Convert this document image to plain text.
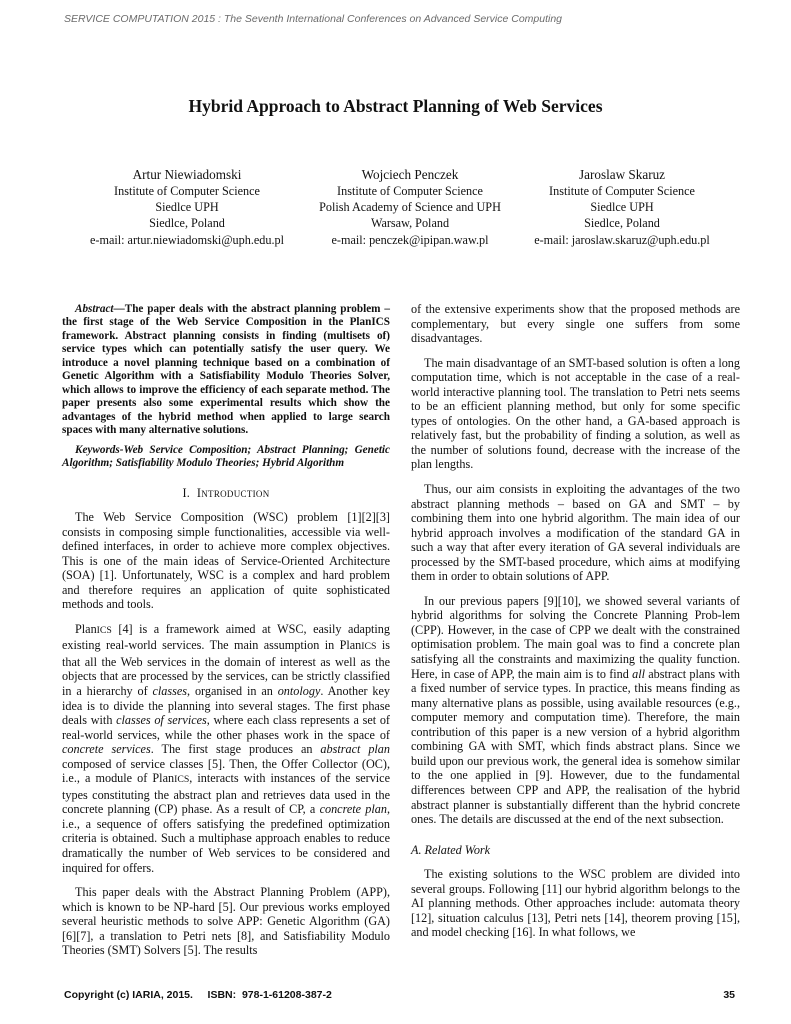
SERVICE COMPUTATION 2015 : The Seventh International Conferences on Advanced Service Computing
Hybrid Approach to Abstract Planning of Web Services
Artur Niewiadomski
Institute of Computer Science
Siedlce UPH
Siedlce, Poland
e-mail: artur.niewiadomski@uph.edu.pl
Wojciech Penczek
Institute of Computer Science
Polish Academy of Science and UPH
Warsaw, Poland
e-mail: penczek@ipipan.waw.pl
Jaroslaw Skaruz
Institute of Computer Science
Siedlce UPH
Siedlce, Poland
e-mail: jaroslaw.skaruz@uph.edu.pl

Abstract—The paper deals with the abstract planning problem – the first stage of the Web Service Composition in the PlanICS framework. Abstract planning consists in finding (multisets of) service types which can potentially satisfy the user query. We introduce a novel planning technique based on a combination of Genetic Algorithm with a Satisfiability Modulo Theories Solver, which allows to improve the efficiency of each separate method. The paper presents also some experimental results which show the advantages of the hybrid method when applied to large search spaces with many alternative solutions.

Keywords-Web Service Composition; Abstract Planning; Genetic Algorithm; Satisfiability Modulo Theories; Hybrid Algorithm

I. Introduction

The Web Service Composition (WSC) problem [1][2][3] consists in composing simple functionalities, accessible via well-defined interfaces, in order to achieve more complex objectives. This is one of the main ideas of Service-Oriented Architecture (SOA) [1]. Unfortunately, WSC is a complex and hard problem and therefore requires an application of quite sophisticated methods and tools.

PlanICS [4] is a framework aimed at WSC, easily adapting existing real-world services. The main assumption in PlanICS is that all the Web services in the domain of interest as well as the objects that are processed by the services, can be strictly classified in a hierarchy of classes, organised in an ontology. Another key idea is to divide the planning into several stages. The first phase deals with classes of services, where each class represents a set of real-world services, while the other phases work in the space of concrete services. The first stage produces an abstract plan composed of service classes [5]. Then, the Offer Collector (OC), i.e., a module of PlanICS, interacts with instances of the service types constituting the abstract plan and retrieves data used in the concrete planning (CP) phase. As a result of CP, a concrete plan, i.e., a sequence of offers satisfying the predefined optimization criteria is obtained. Such a multiphase approach enables to reduce dramatically the number of Web services to be considered and inquired for offers.

This paper deals with the Abstract Planning Problem (APP), which is known to be NP-hard [5]. Our previous works employed several heuristic methods to solve APP: Genetic Algorithm (GA) [6][7], a translation to Petri nets [8], and Satisfiability Modulo Theories (SMT) Solvers [5]. The results

of the extensive experiments show that the proposed methods are complementary, but every single one suffers from some disadvantages.

The main disadvantage of an SMT-based solution is often a long computation time, which is not acceptable in the case of a real-world interactive planning tool. The translation to Petri nets seems to be an efficient planning method, but only for some specific types of ontologies. On the other hand, a GA-based approach is relatively fast, but the probability of finding a solution, as well as the number of solutions found, decrease with the increase of the plan lengths.

Thus, our aim consists in exploiting the advantages of the two abstract planning methods – based on GA and SMT – by combining them into one hybrid algorithm. The main idea of our hybrid approach involves a modification of the standard GA in such a way that after every iteration of GA several individuals are processed by the SMT-based procedure, which aims at modifying them in order to obtain solutions of APP.

In our previous papers [9][10], we showed several variants of hybrid algorithms for solving the Concrete Planning Prob-lem (CPP). However, in the case of CPP we dealt with the constrained optimisation problem. The main goal was to find a concrete plan satisfying all the constraints and maximizing the quality function. Here, in case of APP, the main aim is to find all abstract plans with a fixed number of service types. In practice, this means finding as many alternative plans as possible, using available resources (e.g., computer memory and computation time). Therefore, the main contribution of this paper is a new version of a hybrid algorithm combining GA with SMT, which finds abstract plans. Since we build upon our previous work, the general idea is somehow similar to the one applied in [9]. However, due to the fundamental differences between CPP and APP, the realisation of the hybrid abstract planner is substantially different than the hybrid concrete ones. The details are discussed at the end of the next subsection.

A. Related Work

The existing solutions to the WSC problem are divided into several groups. Following [11] our hybrid algorithm belongs to the AI planning methods. Other approaches include: automata theory [12], situation calculus [13], Petri nets [14], theorem proving [15], and model checking [16]. In what follows, we

Copyright (c) IARIA, 2015.     ISBN:  978-1-61208-387-2	35
